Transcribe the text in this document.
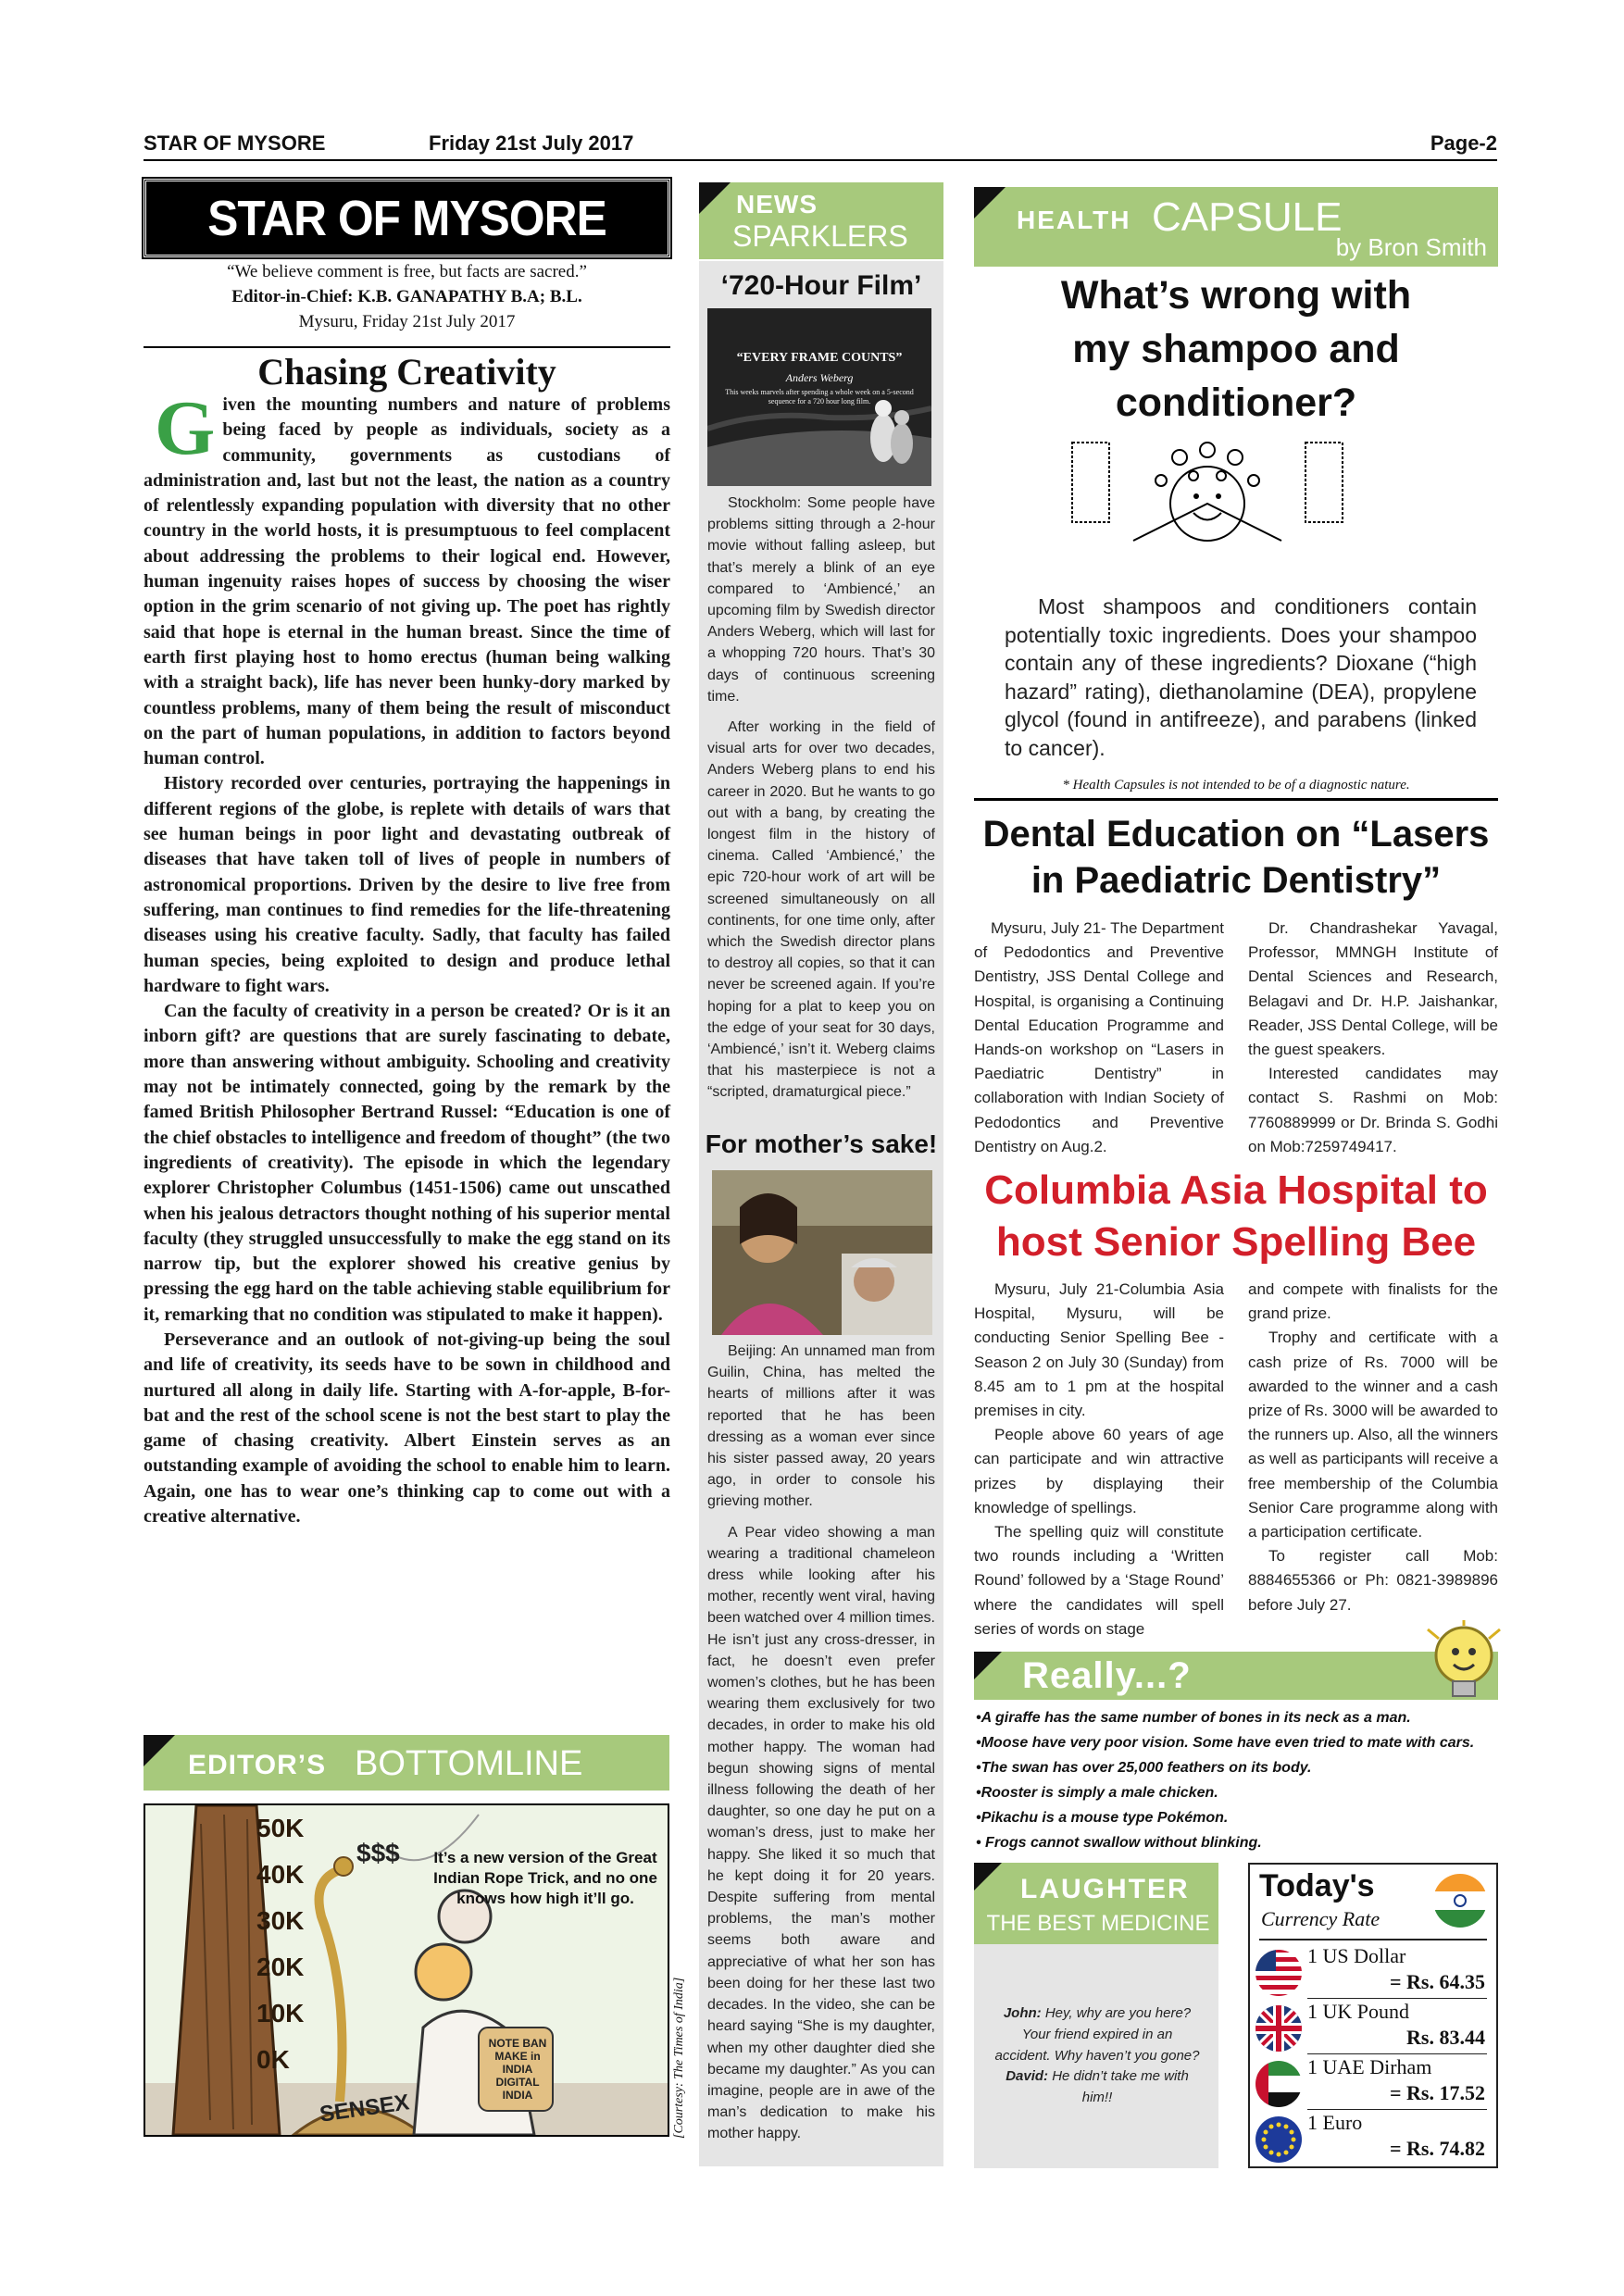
STAR OF MYSORE	Friday 21st July 2017	Page-2
STAR OF MYSORE
“We believe comment is free, but facts are sacred.”
Editor-in-Chief: K.B. GANAPATHY B.A; B.L.
Mysuru, Friday 21st July 2017
Chasing Creativity
G iven the mounting numbers and nature of problems being faced by people as individuals, society as a community, governments as custodians of administration and, last but not the least, the nation as a country of relentlessly expanding population with diversity that no other country in the world hosts, it is presumptuous to feel complacent about addressing the problems to their logical end. However, human ingenuity raises hopes of success by choosing the wiser option in the grim scenario of not giving up. The poet has rightly said that hope is eternal in the human breast. Since the time of earth first playing host to homo erectus (human being walking with a straight back), life has never been hunky-dory marked by countless problems, many of them being the result of misconduct on the part of human populations, in addition to factors beyond human control.

History recorded over centuries, portraying the happenings in different regions of the globe, is replete with details of wars that see human beings in poor light and devastating outbreak of diseases that have taken toll of lives of people in numbers of astronomical proportions. Driven by the desire to live free from suffering, man continues to find remedies for the life-threatening diseases using his creative faculty. Sadly, that faculty has failed human species, being exploited to design and produce lethal hardware to fight wars.

Can the faculty of creativity in a person be created? Or is it an inborn gift? are questions that are surely fascinating to debate, more than answering without ambiguity. Schooling and creativity may not be intimately connected, going by the remark by the famed British Philosopher Bertrand Russel: “Education is one of the chief obstacles to intelligence and freedom of thought” (the two ingredients of creativity). The episode in which the legendary explorer Christopher Columbus (1451-1506) came out unscathed when his jealous detractors thought nothing of his superior mental faculty (they struggled unsuccessfully to make the egg stand on its narrow tip, but the explorer showed his creative genius by pressing the egg hard on the table achieving stable equilibrium for it, remarking that no condition was stipulated to make it happen).

Perseverance and an outlook of not-giving-up being the soul and life of creativity, its seeds have to be sown in childhood and nurtured all along in daily life. Starting with A-for-apple, B-for-bat and the rest of the school scene is not the best start to play the game of chasing creativity. Albert Einstein serves as an outstanding example of avoiding the school to enable him to learn. Again, one has to wear one’s thinking cap to come out with a creative alternative.

EDITOR’S BOTTOMLINE
50K
40K
30K
20K
10K
0K
$$$
SENSEX
NOTE BAN MAKE in INDIA DIGITAL INDIA
It’s a new version of the Great Indian Rope Trick, and no one knows how high it’ll go.
[Courtesy: The Times of India]
NEWS
SPARKLERS
‘720-Hour Film’
“EVERY FRAME COUNTS”
Anders Weberg
This weeks marvels after spending a whole week on a 5-second sequence for a 720 hour long film.

Stockholm: Some people have problems sitting through a 2-hour movie without falling asleep, but that’s merely a blink of an eye compared to ‘Ambiencé,’ an upcoming film by Swedish director Anders Weberg, which will last for a whopping 720 hours. That’s 30 days of continuous screening time.

After working in the field of visual arts for over two decades, Anders Weberg plans to end his career in 2020. But he wants to go out with a bang, by creating the longest film in the history of cinema. Called ‘Ambiencé,’ the epic 720-hour work of art will be screened simultaneously on all continents, for one time only, after which the Swedish director plans to destroy all copies, so that it can never be screened again. If you’re hoping for a plat to keep you on the edge of your seat for 30 days, ‘Ambiencé,’ isn’t it. Weberg claims that his masterpiece is not a “scripted, dramaturgical piece.”

For mother’s sake!

Beijing: An unnamed man from Guilin, China, has melted the hearts of millions after it was reported that he has been dressing as a woman ever since his sister passed away, 20 years ago, in order to console his grieving mother.

A Pear video showing a man wearing a traditional chameleon dress while looking after his mother, recently went viral, having been watched over 4 million times. He isn’t just any cross-dresser, in fact, he doesn’t even prefer women’s clothes, but he has been wearing them exclusively for two decades, in order to make his old mother happy. The woman had begun showing signs of mental illness following the death of her daughter, so one day he put on a woman’s dress, just to make her happy. She liked it so much that he kept doing it for 20 years. Despite suffering from mental problems, the man’s mother seems both aware and appreciative of what her son has been doing for her these last two decades. In the video, she can be heard saying “She is my daughter, when my other daughter died she became my daughter.” As you can imagine, people are in awe of the man’s dedication to make his mother happy.

HEALTH CAPSULE
by Bron Smith
What’s wrong with my shampoo and conditioner?
Most shampoos and conditioners contain potentially toxic ingredients. Does your shampoo contain any of these ingredients? Dioxane (“high hazard” rating), diethanolamine (DEA), propylene glycol (found in antifreeze), and parabens (linked to cancer).
* Health Capsules is not intended to be of a diagnostic nature.
Dental Education on “Lasers in Paediatric Dentistry”
Mysuru, July 21- The Department of Pedodontics and Preventive Dentistry, JSS Dental College and Hospital, is organising a Continuing Dental Education Programme and Hands-on workshop on “Lasers in Paediatric Dentistry” in collaboration with Indian Society of Pedodontics and Preventive Dentistry on Aug.2.

Dr. Chandrashekar Yavagal, Professor, MMNGH Institute of Dental Sciences and Research, Belagavi and Dr. H.P. Jaishankar, Reader, JSS Dental College, will be the guest speakers.

Interested candidates may contact S. Rashmi on Mob: 7760889999 or Dr. Brinda S. Godhi on Mob:7259749417.

Columbia Asia Hospital to host Senior Spelling Bee

Mysuru, July 21-Columbia Asia Hospital, Mysuru, will be conducting Senior Spelling Bee - Season 2 on July 30 (Sunday) from 8.45 am to 1 pm at the hospital premises in city.

People above 60 years of age can participate and win attractive prizes by displaying their knowledge of spellings.

The spelling quiz will constitute two rounds including a ‘Written Round’ followed by a ‘Stage Round’ where the candidates will spell series of words on stage

and compete with finalists for the grand prize.

Trophy and certificate with a cash prize of Rs. 7000 will be awarded to the winner and a cash prize of Rs. 3000 will be awarded to the runners up. Also, all the winners as well as participants will receive a free membership of the Columbia Senior Care programme along with a participation certificate.

To register call Mob: 8884655366 or Ph: 0821-3989896 before July 27.

Really...?

•A giraffe has the same number of bones in its neck as a man.

•Moose have very poor vision. Some have even tried to mate with cars.

•The swan has over 25,000 feathers on its body.

•Rooster is simply a male chicken.

•Pikachu is a mouse type Pokémon.

• Frogs cannot swallow without blinking.

LAUGHTER
THE BEST MEDICINE
John: Hey, why are you here? Your friend expired in an accident. Why haven’t you gone?
David: He didn’t take me with him!!
Today's
Currency Rate
1 US Dollar
= Rs. 64.35
1 UK Pound
Rs. 83.44
1 UAE Dirham
= Rs. 17.52
1 Euro
= Rs. 74.82
